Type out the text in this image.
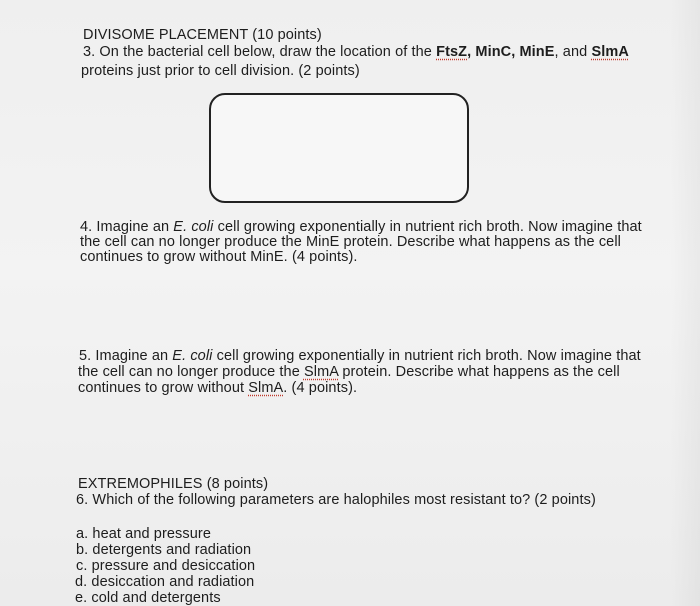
DIVISOME PLACEMENT (10 points)
3. On the bacterial cell below, draw the location of the FtsZ, MinC, MinE, and SlmA
proteins just prior to cell division. (2 points)
4. Imagine an E. coli cell growing exponentially in nutrient rich broth. Now imagine that
the cell can no longer produce the MinE protein. Describe what happens as the cell
continues to grow without MinE. (4 points).
5. Imagine an E. coli cell growing exponentially in nutrient rich broth. Now imagine that
the cell can no longer produce the SlmA protein. Describe what happens as the cell
continues to grow without SlmA. (4 points).
EXTREMOPHILES (8 points)
6. Which of the following parameters are halophiles most resistant to? (2 points)
a. heat and pressure
b. detergents and radiation
c. pressure and desiccation
d. desiccation and radiation
e. cold and detergents
